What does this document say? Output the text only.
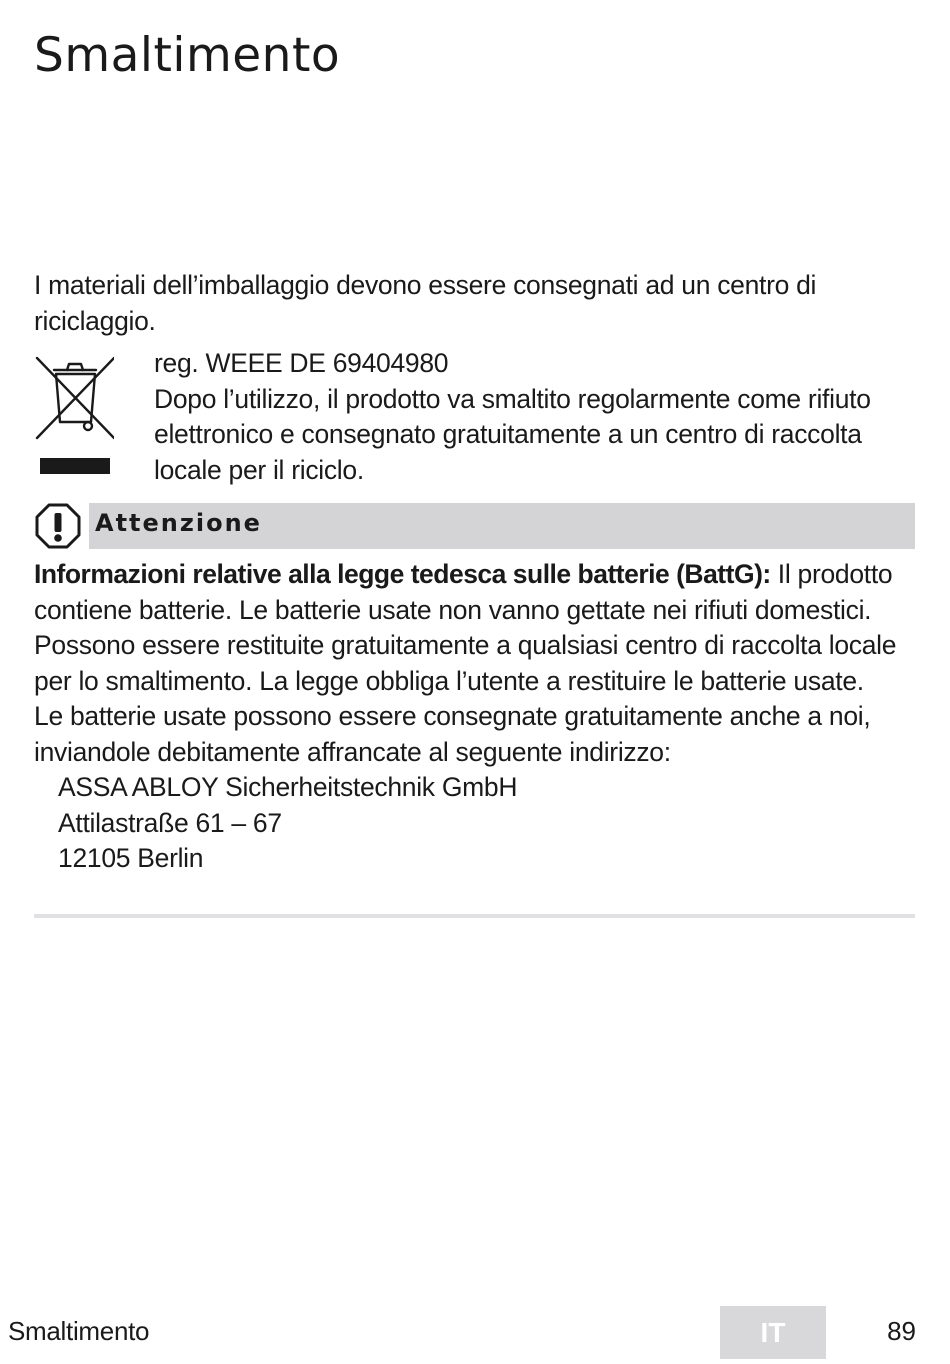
Smaltimento

I materiali dell’imballaggio devono essere consegnati ad un centro di riciclaggio.

reg. WEEE DE 69404980

Dopo l’utilizzo, il prodotto va smaltito regolarmente come rifiuto elettronico e consegnato gratuitamente a un centro di raccolta locale per il riciclo.

Attenzione

Informazioni relative alla legge tedesca sulle batterie (BattG): Il prodotto contiene batterie. Le batterie usate non vanno gettate nei rifiuti domestici. Possono essere restituite gratuitamente a qualsiasi centro di raccolta locale per lo smaltimento. La legge obbliga l’utente a restituire le batterie usate.

Le batterie usate possono essere consegnate gratuitamente anche a noi, inviandole debitamente affrancate al seguente indirizzo:

ASSA ABLOY Sicherheitstechnik GmbH
Attilastraße 61 – 67
12105 Berlin
Smaltimento	IT	89
